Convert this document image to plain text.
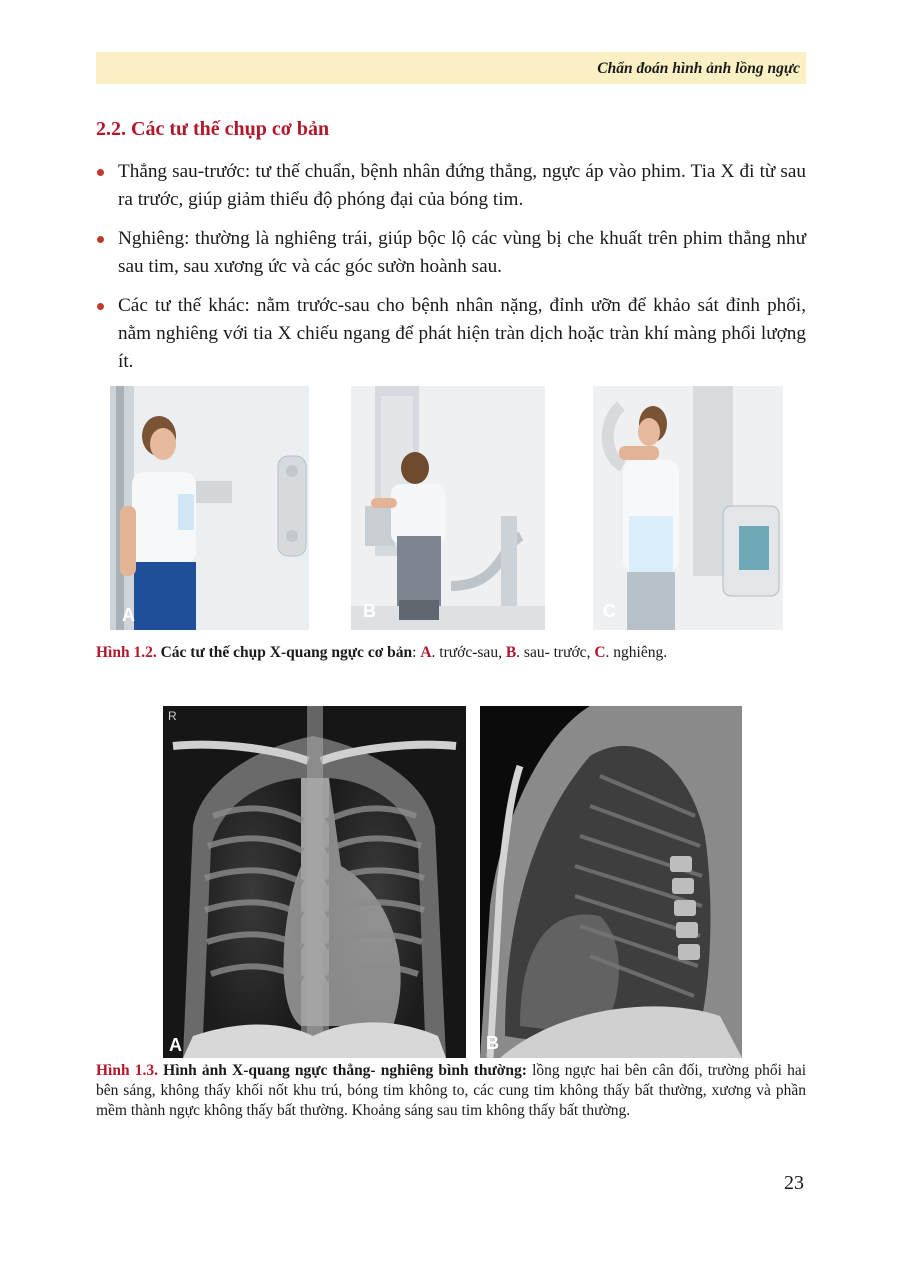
Chẩn đoán hình ảnh lồng ngực
2.2. Các tư thế chụp cơ bản
Thẳng sau-trước: tư thế chuẩn, bệnh nhân đứng thẳng, ngực áp vào phim. Tia X đi từ sau ra trước, giúp giảm thiểu độ phóng đại của bóng tim.
Nghiêng: thường là nghiêng trái, giúp bộc lộ các vùng bị che khuất trên phim thẳng như sau tim, sau xương ức và các góc sườn hoành sau.
Các tư thế khác: nằm trước-sau cho bệnh nhân nặng, đỉnh ưỡn để khảo sát đỉnh phổi, nằm nghiêng với tia X chiếu ngang để phát hiện tràn dịch hoặc tràn khí màng phổi lượng ít.
A	B	C
Hình 1.2. Các tư thế chụp X-quang ngực cơ bản: A. trước-sau, B. sau- trước, C. nghiêng.
R
A	B
Hình 1.3. Hình ảnh X-quang ngực thẳng- nghiêng bình thường: lồng ngực hai bên cân đối, trường phổi hai bên sáng, không thấy khối nốt khu trú, bóng tim không to, các cung tim không thấy bất thường, xương và phần mềm thành ngực không thấy bất thường. Khoảng sáng sau tim không thấy bất thường.
23
